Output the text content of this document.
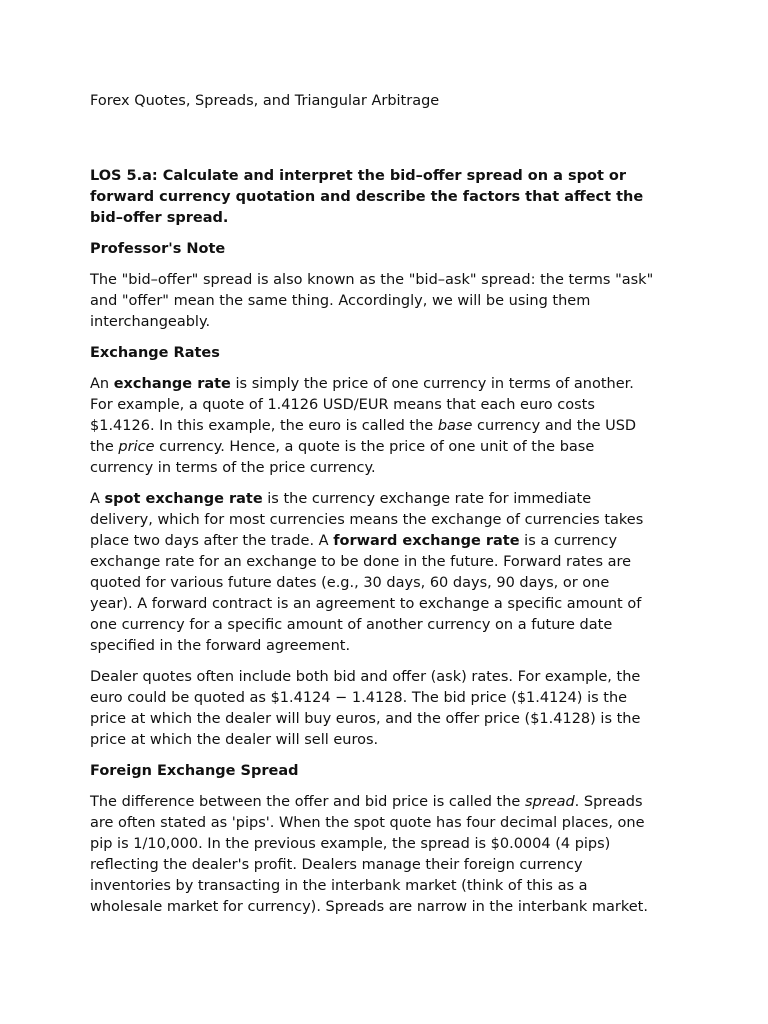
Forex Quotes, Spreads, and Triangular Arbitrage
LOS 5.a: Calculate and interpret the bid–offer spread on a spot or
forward currency quotation and describe the factors that affect the
bid–offer spread.
Professor's Note
The "bid–offer" spread is also known as the "bid–ask" spread: the terms "ask"
and "offer" mean the same thing. Accordingly, we will be using them
interchangeably.
Exchange Rates
An exchange rate is simply the price of one currency in terms of another.
For example, a quote of 1.4126 USD/EUR means that each euro costs
$1.4126. In this example, the euro is called the base currency and the USD
the price currency. Hence, a quote is the price of one unit of the base
currency in terms of the price currency.
A spot exchange rate is the currency exchange rate for immediate
delivery, which for most currencies means the exchange of currencies takes
place two days after the trade. A forward exchange rate is a currency
exchange rate for an exchange to be done in the future. Forward rates are
quoted for various future dates (e.g., 30 days, 60 days, 90 days, or one
year). A forward contract is an agreement to exchange a specific amount of
one currency for a specific amount of another currency on a future date
specified in the forward agreement.
Dealer quotes often include both bid and offer (ask) rates. For example, the
euro could be quoted as $1.4124 − 1.4128. The bid price ($1.4124) is the
price at which the dealer will buy euros, and the offer price ($1.4128) is the
price at which the dealer will sell euros.
Foreign Exchange Spread
The difference between the offer and bid price is called the spread. Spreads
are often stated as 'pips'. When the spot quote has four decimal places, one
pip is 1/10,000. In the previous example, the spread is $0.0004 (4 pips)
reflecting the dealer's profit. Dealers manage their foreign currency
inventories by transacting in the interbank market (think of this as a
wholesale market for currency). Spreads are narrow in the interbank market.
